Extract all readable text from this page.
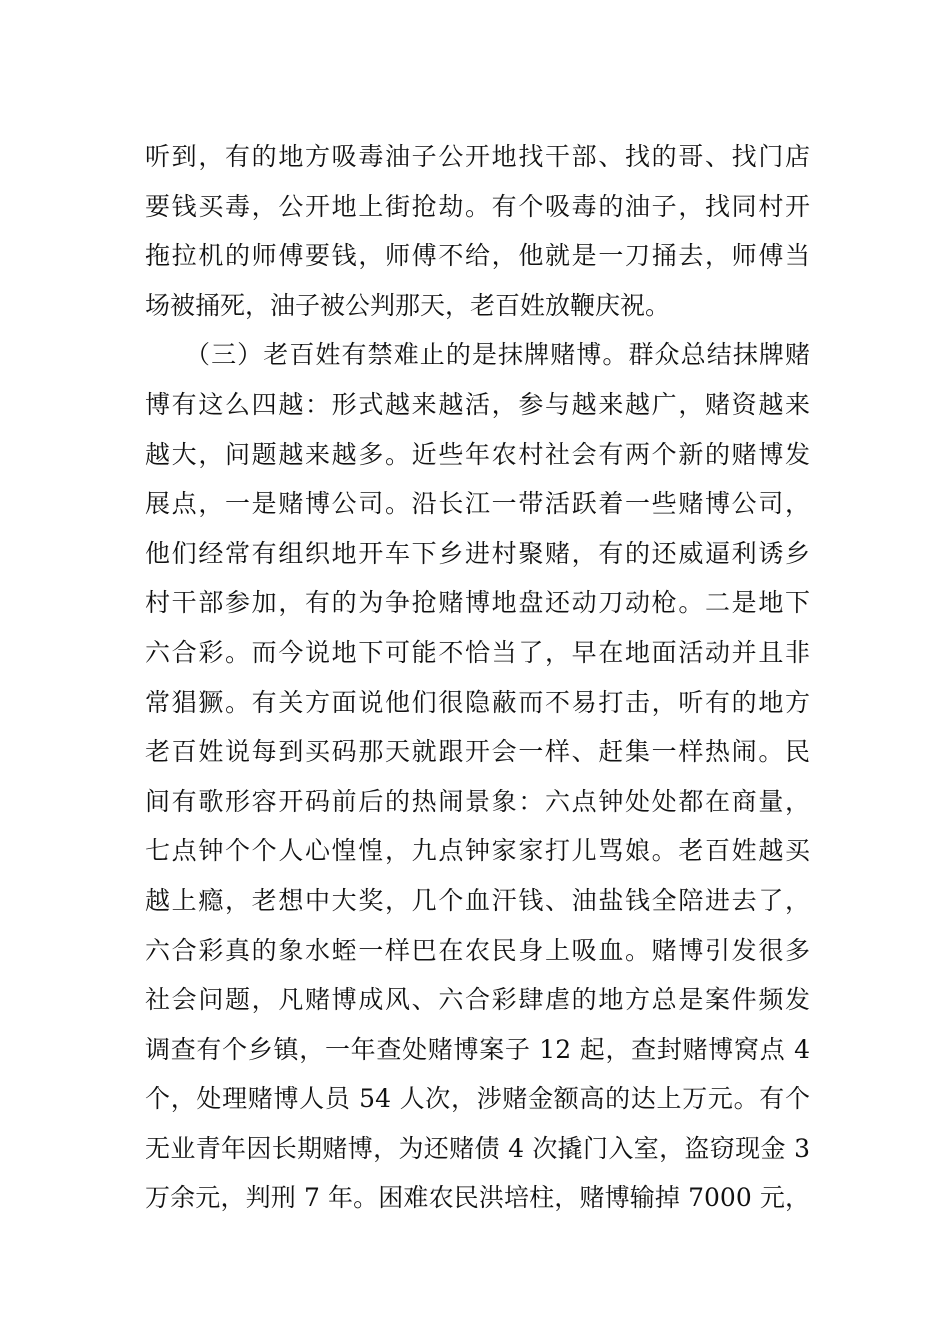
听到，有的地方吸毒油子公开地找干部、找的哥、找门店
要钱买毒，公开地上街抢劫。有个吸毒的油子，找同村开
拖拉机的师傅要钱，师傅不给，他就是一刀捅去，师傅当
场被捅死，油子被公判那天，老百姓放鞭庆祝。
（三）老百姓有禁难止的是抹牌赌博。群众总结抹牌赌
博有这么四越：形式越来越活，参与越来越广，赌资越来
越大，问题越来越多。近些年农村社会有两个新的赌博发
展点，一是赌博公司。沿长江一带活跃着一些赌博公司，
他们经常有组织地开车下乡进村聚赌，有的还威逼利诱乡
村干部参加，有的为争抢赌博地盘还动刀动枪。二是地下
六合彩。而今说地下可能不恰当了，早在地面活动并且非
常猖獗。有关方面说他们很隐蔽而不易打击，听有的地方
老百姓说每到买码那天就跟开会一样、赶集一样热闹。民
间有歌形容开码前后的热闹景象：六点钟处处都在商量，
七点钟个个人心惶惶，九点钟家家打儿骂娘。老百姓越买
越上瘾，老想中大奖，几个血汗钱、油盐钱全陪进去了，
六合彩真的象水蛭一样巴在农民身上吸血。赌博引发很多
社会问题，凡赌博成风、六合彩肆虐的地方总是案件频发
调查有个乡镇，一年查处赌博案子 12 起，查封赌博窝点 4
个，处理赌博人员 54 人次，涉赌金额高的达上万元。有个
无业青年因长期赌博，为还赌债 4 次撬门入室，盗窃现金 3
万余元，判刑 7 年。困难农民洪培柱，赌博输掉 7000 元，
